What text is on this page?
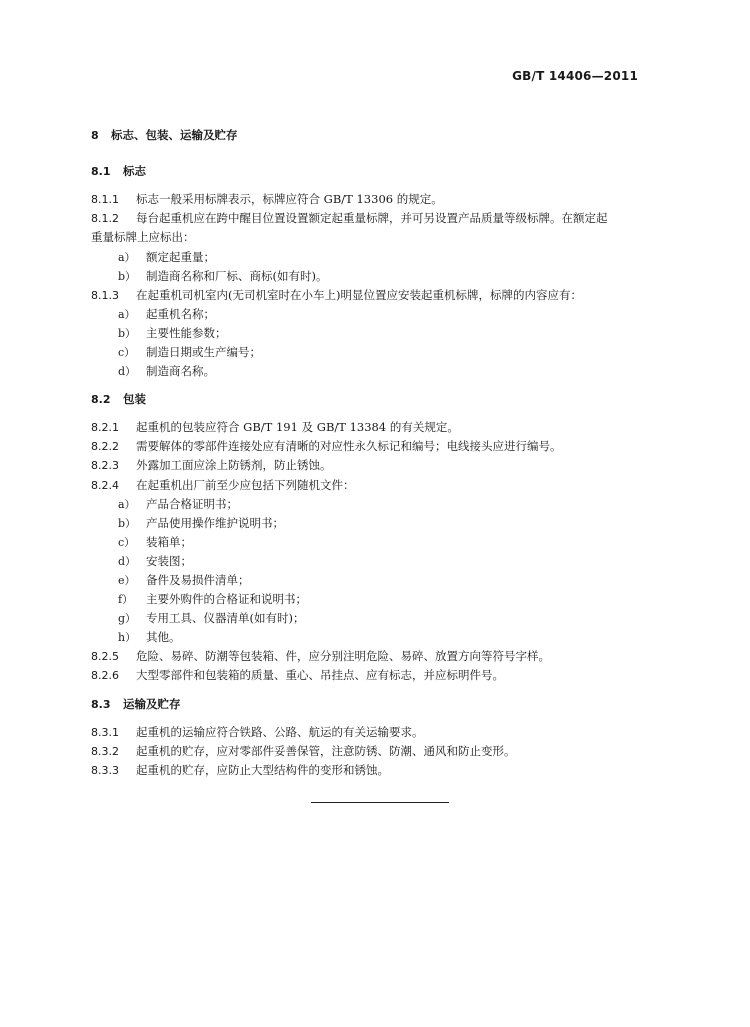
GB/T 14406—2011
8 标志、包装、运输及贮存
8.1 标志
8.1.1 标志一般采用标牌表示，标牌应符合 GB/T 13306 的规定。
8.1.2 每台起重机应在跨中醒目位置设置额定起重量标牌，并可另设置产品质量等级标牌。在额定起
重量标牌上应标出：
a） 额定起重量；
b） 制造商名称和厂标、商标(如有时)。
8.1.3 在起重机司机室内(无司机室时在小车上)明显位置应安装起重机标牌，标牌的内容应有：
a） 起重机名称；
b） 主要性能参数；
c） 制造日期或生产编号；
d） 制造商名称。
8.2 包装
8.2.1 起重机的包装应符合 GB/T 191 及 GB/T 13384 的有关规定。
8.2.2 需要解体的零部件连接处应有清晰的对应性永久标记和编号；电线接头应进行编号。
8.2.3 外露加工面应涂上防锈剂，防止锈蚀。
8.2.4 在起重机出厂前至少应包括下列随机文件：
a） 产品合格证明书；
b） 产品使用操作维护说明书；
c） 装箱单；
d） 安装图；
e） 备件及易损件清单；
f） 主要外购件的合格证和说明书；
g） 专用工具、仪器清单(如有时)；
h） 其他。
8.2.5 危险、易碎、防潮等包装箱、件，应分别注明危险、易碎、放置方向等符号字样。
8.2.6 大型零部件和包装箱的质量、重心、吊挂点、应有标志，并应标明件号。
8.3 运输及贮存
8.3.1 起重机的运输应符合铁路、公路、航运的有关运输要求。
8.3.2 起重机的贮存，应对零部件妥善保管，注意防锈、防潮、通风和防止变形。
8.3.3 起重机的贮存，应防止大型结构件的变形和锈蚀。
